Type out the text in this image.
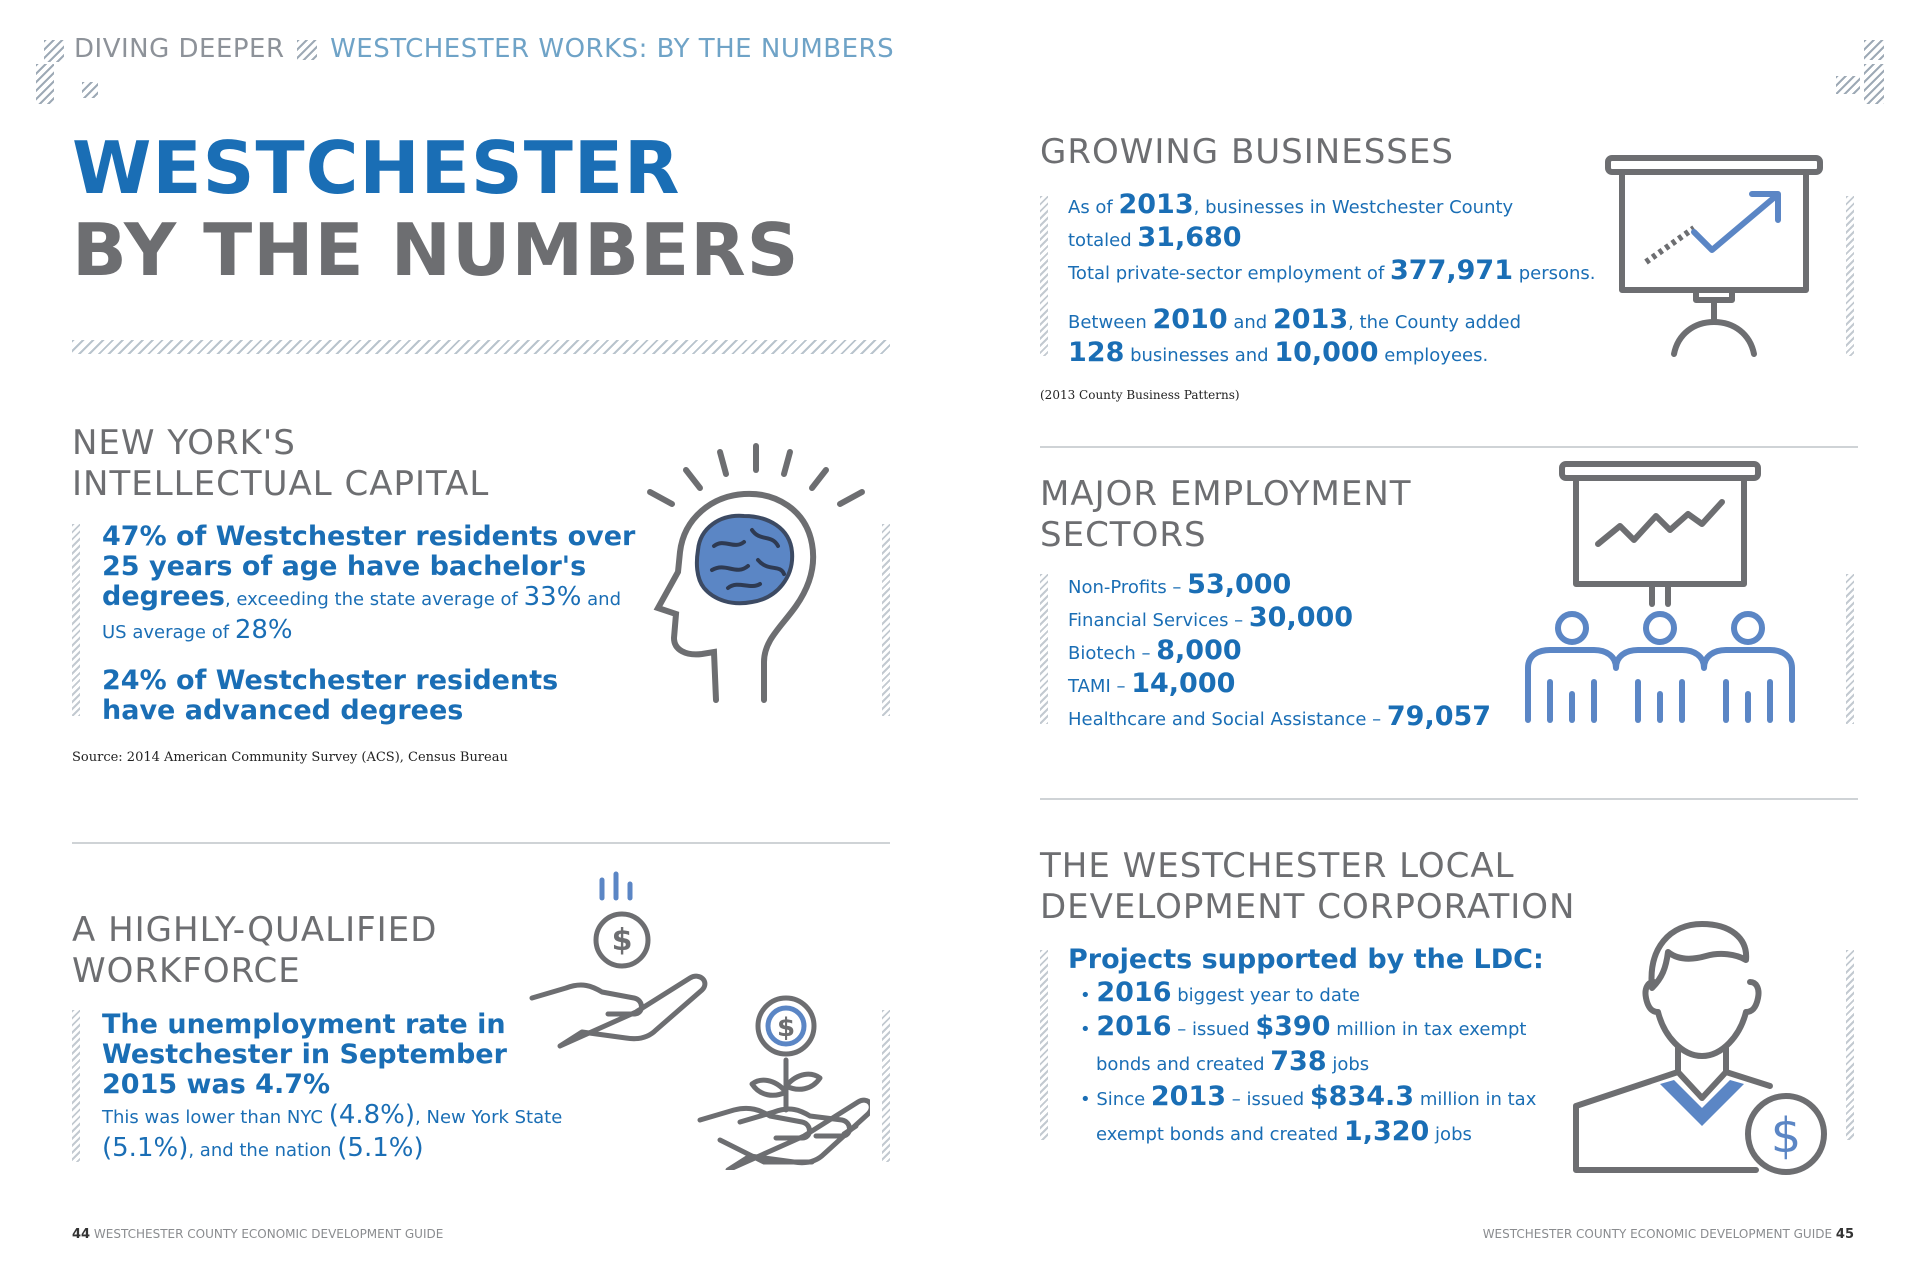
DIVING DEEPER WESTCHESTER WORKS: BY THE NUMBERS
WESTCHESTER
BY THE NUMBERS
NEW YORK'S
INTELLECTUAL CAPITAL
47% of Westchester residents over
25 years of age have bachelor's
degrees, exceeding the state average of 33% and
US average of 28%
24% of Westchester residents
have advanced degrees
Source: 2014 American Community Survey (ACS), Census Bureau
A HIGHLY-QUALIFIED
WORKFORCE
The unemployment rate in
Westchester in September
2015 was 4.7%
This was lower than NYC (4.8%), New York State
(5.1%), and the nation (5.1%)
$
$
GROWING BUSINESSES
As of 2013, businesses in Westchester County
totaled 31,680
Total private-sector employment of 377,971 persons.
Between 2010 and 2013, the County added
128 businesses and 10,000 employees.
(2013 County Business Patterns)
MAJOR EMPLOYMENT
SECTORS
Non-Profits – 53,000
Financial Services – 30,000
Biotech – 8,000
TAMI – 14,000
Healthcare and Social Assistance – 79,057
THE WESTCHESTER LOCAL
DEVELOPMENT CORPORATION
Projects supported by the LDC:
• 2016 biggest year to date
• 2016 – issued $390 million in tax exempt
bonds and created 738 jobs
• Since 2013 – issued $834.3 million in tax
exempt bonds and created 1,320 jobs	$
44 WESTCHESTER COUNTY ECONOMIC DEVELOPMENT GUIDE	WESTCHESTER COUNTY ECONOMIC DEVELOPMENT GUIDE 45
